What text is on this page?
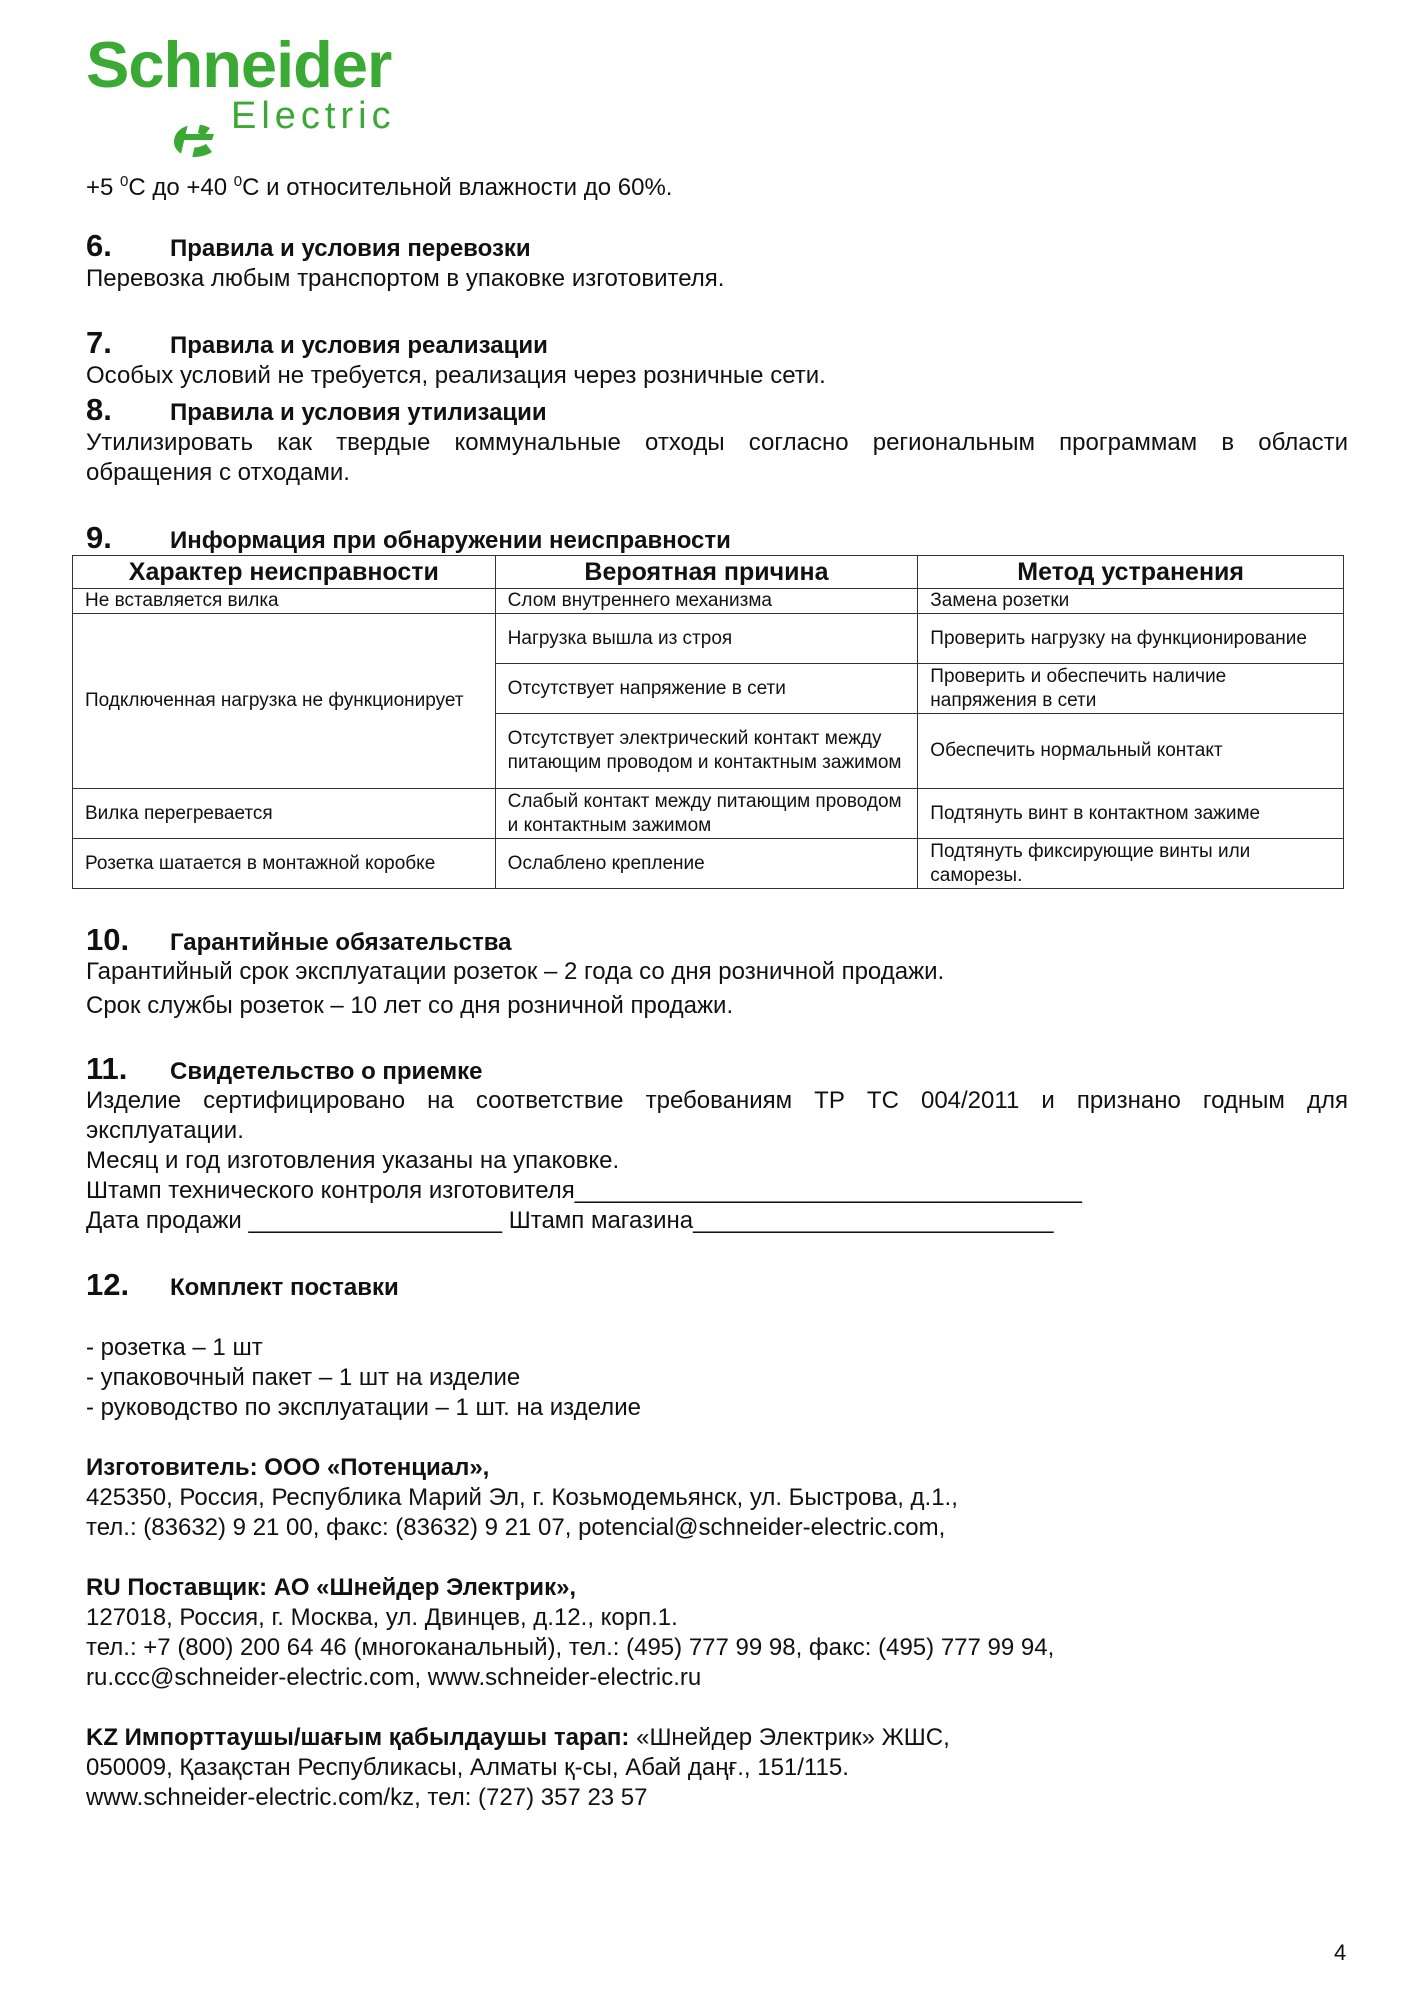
Schneider
Electric

+5 $^0$С до +40 $^0$С и относительной влажности до 60%.

6. Правила и условия перевозки

Перевозка любым транспортом в упаковке изготовителя.

7. Правила и условия реализации

Особых условий не требуется, реализация через розничные сети.

8. Правила и условия утилизации

Утилизировать как твердые коммунальные отходы согласно региональным программам в области

обращения с отходами.

9. Информация при обнаружении неисправности
Характер неисправности	Вероятная причина	Метод устранения
Не вставляется вилка	Слом внутреннего механизма	Замена розетки
Подключенная нагрузка не функционирует	Нагрузка вышла из строя	Проверить нагрузку на функционирование
	Отсутствует напряжение в сети	Проверить и обеспечить наличие напряжения в сети
	Отсутствует электрический контакт между питающим проводом и контактным зажимом	Обеспечить нормальный контакт
Вилка перегревается	Слабый контакт между питающим проводом и контактным зажимом	Подтянуть винт в контактном зажиме
Розетка шатается в монтажной коробке	Ослаблено крепление	Подтянуть фиксирующие винты или саморезы.
10. Гарантийные обязательства

Гарантийный срок эксплуатации розеток – 2 года со дня розничной продажи.

Срок службы розеток – 10 лет со дня розничной продажи.

11. Свидетельство о приемке

Изделие сертифицировано на соответствие требованиям ТР ТС 004/2011 и признано годным для

эксплуатации.

Месяц и год изготовления указаны на упаковке.

Штамп технического контроля изготовителя______________________________________

Дата продажи ___________________ Штамп магазина___________________________

12. Комплект поставки

- розетка – 1 шт

- упаковочный пакет – 1 шт на изделие

- руководство по эксплуатации – 1 шт. на изделие

Изготовитель: ООО «Потенциал»,

425350, Россия, Республика Марий Эл, г. Козьмодемьянск, ул. Быстрова, д.1.,

тел.: (83632) 9 21 00, факс: (83632) 9 21 07, potencial@schneider-electric.com,

RU Поставщик: АО «Шнейдер Электрик»,

127018, Россия, г. Москва, ул. Двинцев, д.12., корп.1.

тел.: +7 (800) 200 64 46 (многоканальный), тел.: (495) 777 99 98, факс: (495) 777 99 94,

ru.ccc@schneider-electric.com, www.schneider-electric.ru

KZ Импорттаушы/шағым қабылдаушы тарап: «Шнейдер Электрик» ЖШС,

050009, Қазақстан Республикасы, Алматы қ-сы, Абай даңғ., 151/115.

www.schneider-electric.com/kz, тел: (727) 357 23 57

4
